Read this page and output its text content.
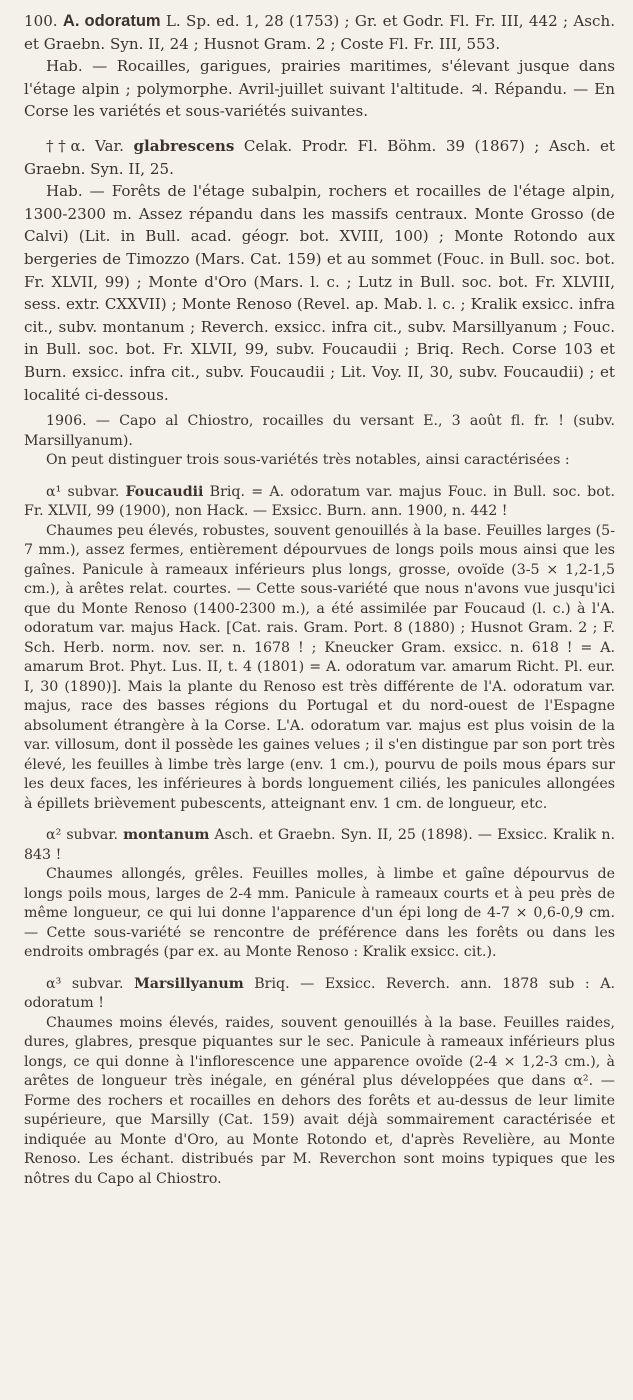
100. A. odoratum L. Sp. ed. 1, 28 (1753) ; Gr. et Godr. Fl. Fr. III, 442 ; Asch. et Graebn. Syn. II, 24 ; Husnot Gram. 2 ; Coste Fl. Fr. III, 553.

Hab. — Rocailles, garigues, prairies maritimes, s'élevant jusque dans l'étage alpin ; polymorphe. Avril-juillet suivant l'altitude. ♃. Répandu. — En Corse les variétés et sous-variétés suivantes.

††α. Var. glabrescens Celak. Prodr. Fl. Böhm. 39 (1867) ; Asch. et Graebn. Syn. II, 25.

Hab. — Forêts de l'étage subalpin, rochers et rocailles de l'étage alpin, 1300-2300 m. Assez répandu dans les massifs centraux. Monte Grosso (de Calvi) (Lit. in Bull. acad. géogr. bot. XVIII, 100) ; Monte Rotondo aux bergeries de Timozzo (Mars. Cat. 159) et au sommet (Fouc. in Bull. soc. bot. Fr. XLVII, 99) ; Monte d'Oro (Mars. l. c. ; Lutz in Bull. soc. bot. Fr. XLVIII, sess. extr. CXXVII) ; Monte Renoso (Revel. ap. Mab. l. c. ; Kralik exsicc. infra cit., subv. montanum ; Reverch. exsicc. infra cit., subv. Marsillyanum ; Fouc. in Bull. soc. bot. Fr. XLVII, 99, subv. Foucaudii ; Briq. Rech. Corse 103 et Burn. exsicc. infra cit., subv. Foucaudii ; Lit. Voy. II, 30, subv. Foucaudii) ; et localité ci-dessous.

1906. — Capo al Chiostro, rocailles du versant E., 3 août fl. fr. ! (subv. Marsillyanum).

On peut distinguer trois sous-variétés très notables, ainsi caractérisées :

α¹ subvar. Foucaudii Briq. = A. odoratum var. majus Fouc. in Bull. soc. bot. Fr. XLVII, 99 (1900), non Hack. — Exsicc. Burn. ann. 1900, n. 442 !

Chaumes peu élevés, robustes, souvent genouillés à la base. Feuilles larges (5-7 mm.), assez fermes, entièrement dépourvues de longs poils mous ainsi que les gaînes. Panicule à rameaux inférieurs plus longs, grosse, ovoïde (3-5 × 1,2-1,5 cm.), à arêtes relat. courtes. — Cette sous-variété que nous n'avons vue jusqu'ici que du Monte Renoso (1400-2300 m.), a été assimilée par Foucaud (l. c.) à l'A. odoratum var. majus Hack. [Cat. rais. Gram. Port. 8 (1880) ; Husnot Gram. 2 ; F. Sch. Herb. norm. nov. ser. n. 1678 ! ; Kneucker Gram. exsicc. n. 618 ! = A. amarum Brot. Phyt. Lus. II, t. 4 (1801) = A. odoratum var. amarum Richt. Pl. eur. I, 30 (1890)]. Mais la plante du Renoso est très différente de l'A. odoratum var. majus, race des basses régions du Portugal et du nord-ouest de l'Espagne absolument étrangère à la Corse. L'A. odoratum var. majus est plus voisin de la var. villosum, dont il possède les gaines velues ; il s'en distingue par son port très élevé, les feuilles à limbe très large (env. 1 cm.), pourvu de poils mous épars sur les deux faces, les inférieures à bords longuement ciliés, les panicules allongées à épillets brièvement pubescents, atteignant env. 1 cm. de longueur, etc.

α² subvar. montanum Asch. et Graebn. Syn. II, 25 (1898). — Exsicc. Kralik n. 843 !

Chaumes allongés, grêles. Feuilles molles, à limbe et gaîne dépourvus de longs poils mous, larges de 2-4 mm. Panicule à rameaux courts et à peu près de même longueur, ce qui lui donne l'apparence d'un épi long de 4-7 × 0,6-0,9 cm. — Cette sous-variété se rencontre de préférence dans les forêts ou dans les endroits ombragés (par ex. au Monte Renoso : Kralik exsicc. cit.).

α³ subvar. Marsillyanum Briq. — Exsicc. Reverch. ann. 1878 sub : A. odoratum !

Chaumes moins élevés, raides, souvent genouillés à la base. Feuilles raides, dures, glabres, presque piquantes sur le sec. Panicule à rameaux inférieurs plus longs, ce qui donne à l'inflorescence une apparence ovoïde (2-4 × 1,2-3 cm.), à arêtes de longueur très inégale, en général plus développées que dans α². — Forme des rochers et rocailles en dehors des forêts et au-dessus de leur limite supérieure, que Marsilly (Cat. 159) avait déjà sommairement caractérisée et indiquée au Monte d'Oro, au Monte Rotondo et, d'après Revelière, au Monte Renoso. Les échant. distribués par M. Reverchon sont moins typiques que les nôtres du Capo al Chiostro.
